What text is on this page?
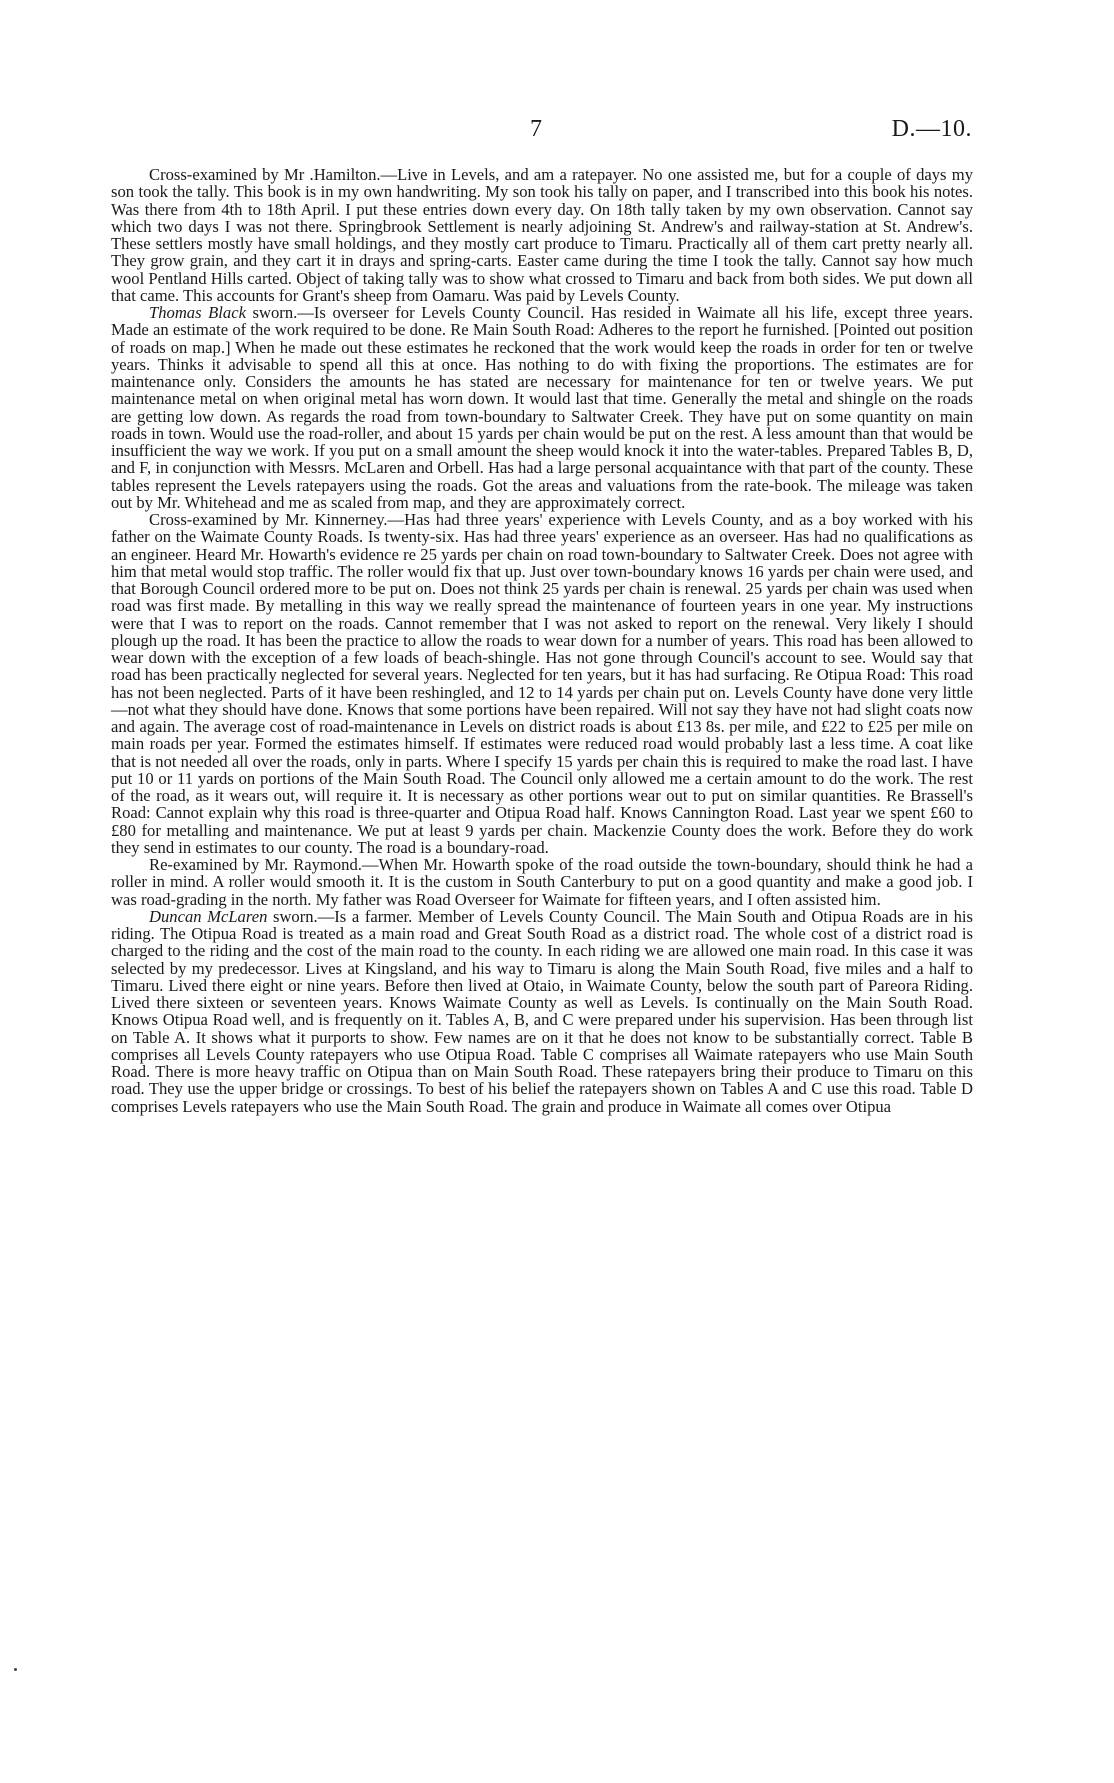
7	D.—10.

Cross-examined by Mr .Hamilton.—Live in Levels, and am a ratepayer. No one assisted me, but for a couple of days my son took the tally. This book is in my own handwriting. My son took his tally on paper, and I transcribed into this book his notes. Was there from 4th to 18th April. I put these entries down every day. On 18th tally taken by my own observation. Cannot say which two days I was not there. Springbrook Settlement is nearly adjoining St. Andrew's and railway-station at St. Andrew's. These settlers mostly have small holdings, and they mostly cart produce to Timaru. Practically all of them cart pretty nearly all. They grow grain, and they cart it in drays and spring-carts. Easter came during the time I took the tally. Cannot say how much wool Pentland Hills carted. Object of taking tally was to show what crossed to Timaru and back from both sides. We put down all that came. This accounts for Grant's sheep from Oamaru. Was paid by Levels County.

Thomas Black sworn.—Is overseer for Levels County Council. Has resided in Waimate all his life, except three years. Made an estimate of the work required to be done. Re Main South Road: Adheres to the report he furnished. [Pointed out position of roads on map.] When he made out these estimates he reckoned that the work would keep the roads in order for ten or twelve years. Thinks it advisable to spend all this at once. Has nothing to do with fixing the proportions. The estimates are for maintenance only. Considers the amounts he has stated are necessary for maintenance for ten or twelve years. We put maintenance metal on when original metal has worn down. It would last that time. Generally the metal and shingle on the roads are getting low down. As regards the road from town-boundary to Saltwater Creek. They have put on some quantity on main roads in town. Would use the road-roller, and about 15 yards per chain would be put on the rest. A less amount than that would be insufficient the way we work. If you put on a small amount the sheep would knock it into the water-tables. Prepared Tables B, D, and F, in conjunction with Messrs. McLaren and Orbell. Has had a large personal acquaintance with that part of the county. These tables represent the Levels ratepayers using the roads. Got the areas and valuations from the rate-book. The mileage was taken out by Mr. Whitehead and me as scaled from map, and they are approximately correct.

Cross-examined by Mr. Kinnerney.—Has had three years' experience with Levels County, and as a boy worked with his father on the Waimate County Roads. Is twenty-six. Has had three years' experience as an overseer. Has had no qualifications as an engineer. Heard Mr. Howarth's evidence re 25 yards per chain on road town-boundary to Saltwater Creek. Does not agree with him that metal would stop traffic. The roller would fix that up. Just over town-boundary knows 16 yards per chain were used, and that Borough Council ordered more to be put on. Does not think 25 yards per chain is renewal. 25 yards per chain was used when road was first made. By metalling in this way we really spread the maintenance of fourteen years in one year. My instructions were that I was to report on the roads. Cannot remember that I was not asked to report on the renewal. Very likely I should plough up the road. It has been the practice to allow the roads to wear down for a number of years. This road has been allowed to wear down with the exception of a few loads of beach-shingle. Has not gone through Council's account to see. Would say that road has been practically neglected for several years. Neglected for ten years, but it has had surfacing. Re Otipua Road: This road has not been neglected. Parts of it have been reshingled, and 12 to 14 yards per chain put on. Levels County have done very little—not what they should have done. Knows that some portions have been repaired. Will not say they have not had slight coats now and again. The average cost of road-maintenance in Levels on district roads is about £13 8s. per mile, and £22 to £25 per mile on main roads per year. Formed the estimates himself. If estimates were reduced road would probably last a less time. A coat like that is not needed all over the roads, only in parts. Where I specify 15 yards per chain this is required to make the road last. I have put 10 or 11 yards on portions of the Main South Road. The Council only allowed me a certain amount to do the work. The rest of the road, as it wears out, will require it. It is necessary as other portions wear out to put on similar quantities. Re Brassell's Road: Cannot explain why this road is three-quarter and Otipua Road half. Knows Cannington Road. Last year we spent £60 to £80 for metalling and maintenance. We put at least 9 yards per chain. Mackenzie County does the work. Before they do work they send in estimates to our county. The road is a boundary-road.

Re-examined by Mr. Raymond.—When Mr. Howarth spoke of the road outside the town-boundary, should think he had a roller in mind. A roller would smooth it. It is the custom in South Canterbury to put on a good quantity and make a good job. I was road-grading in the north. My father was Road Overseer for Waimate for fifteen years, and I often assisted him.

Duncan McLaren sworn.—Is a farmer. Member of Levels County Council. The Main South and Otipua Roads are in his riding. The Otipua Road is treated as a main road and Great South Road as a district road. The whole cost of a district road is charged to the riding and the cost of the main road to the county. In each riding we are allowed one main road. In this case it was selected by my predecessor. Lives at Kingsland, and his way to Timaru is along the Main South Road, five miles and a half to Timaru. Lived there eight or nine years. Before then lived at Otaio, in Waimate County, below the south part of Pareora Riding. Lived there sixteen or seventeen years. Knows Waimate County as well as Levels. Is continually on the Main South Road. Knows Otipua Road well, and is frequently on it. Tables A, B, and C were prepared under his supervision. Has been through list on Table A. It shows what it purports to show. Few names are on it that he does not know to be substantially correct. Table B comprises all Levels County ratepayers who use Otipua Road. Table C comprises all Waimate ratepayers who use Main South Road. There is more heavy traffic on Otipua than on Main South Road. These ratepayers bring their produce to Timaru on this road. They use the upper bridge or crossings. To best of his belief the ratepayers shown on Tables A and C use this road. Table D comprises Levels ratepayers who use the Main South Road. The grain and produce in Waimate all comes over Otipua
